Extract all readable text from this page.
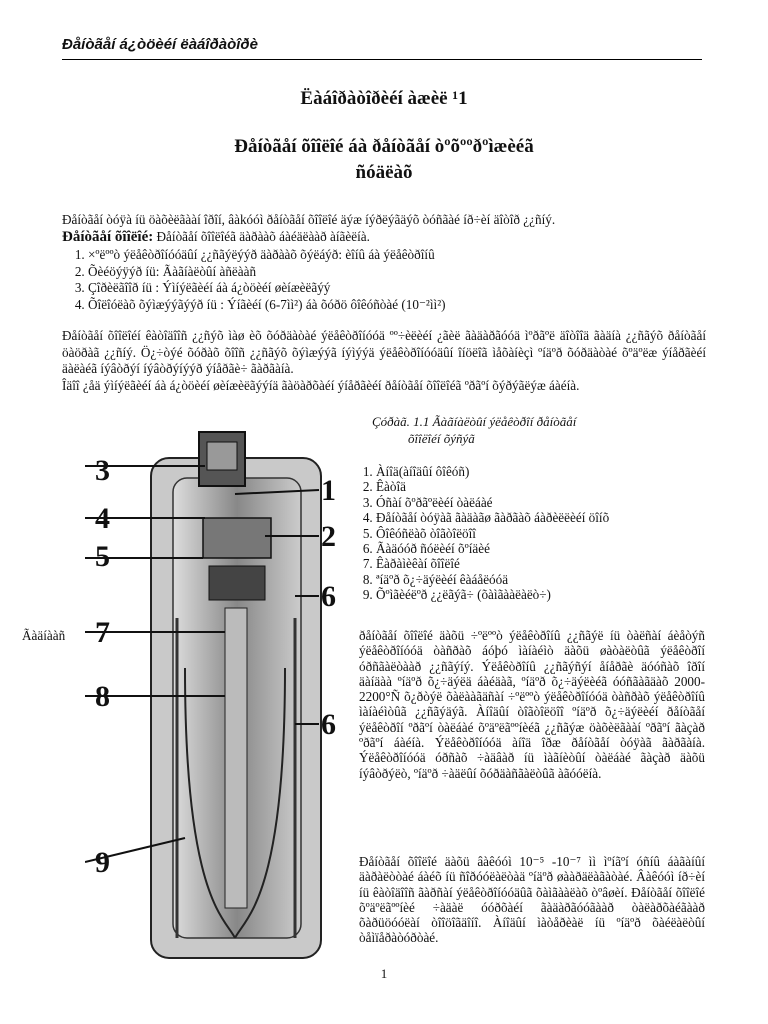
Ðåíòãåí á¿òöèéí ëàáîðàòîðè
Ëàáîðàòîðèéí àæèë ¹1
Ðåíòãåí õîîëîé áà ðåíòãåí òºõººðºìæèéã
ñóäëàõ
Ðåíòãåí òóÿà íü öàõèëãààí îðîí, âàkóóì ðåíòãåí õîîëîé äýæ íýðëýãäýõ òóñãàé íð÷èí äîòîð ¿¿ñíý.
Ðåíòãåí õîîëîé: Ðåíòãåí õîîëîéã äàðààõ áàéäëààð àíãèëíà.
1. ×ºëººò ýëåêòðîíóóäûí ¿¿ñãýëýýð äàðààõ õýëáýð: èîíû áà ýëåêòðîíû
2. Õèéöýÿýð íü: Ãàãíàëòûí àñëààñ
3. Çîðèëãîîð íü : Ýìíýëãèéí áà á¿òöèéí øèíæèëãýý
4. Õîëîóëàõ õýìæýýãýýð íü : Ýíãèéí (6-7ìì²) áà õóðö ôîêóñòàé (10⁻²ìì²)
Ðåíòãåí õîîëîéí êàòîäîîñ ¿¿ñýõ ìàø èõ õóðäàòàé ýëåêòðîíóóä ºº÷èëèéí ¿ãèë ãàäàðãóóä ìºðãºë äîòîîä ãàäíà ¿¿ñãýõ ðåíòãåí öàöðàã ¿¿ñíý. Ö¿÷òýé õóðàõ õîîñ ¿¿ñãýõ õýìæýýã íýìýýä ýëåêòðîíóóäûí îíöëîã ìåõàíèçì ºíäºð õóðäàòàé õºäºëæ ýíåðãèéí äàëàéã íýâòðýí íýâòðýíýýð ýíåðãè÷ ãàðãàíà.
Îäîî ¿åä ýìíýëãèéí áà á¿òöèéí øèíæèëãýýíä ãàöàðõàéí ýíåðãèéí ðåíòãåí õîîëîéã ºðãºí õýðýãëýæ áàéíà.
3
4
5
7
8
9
1
2
6
6
Çóðàã. 1.1 Ãàãíàëòûí ýëåêòðîí ðåíòãåí
õîîëîéí õýñýã
1. Àíîä(àíîäûí ôîêóñ)
2. Êàòîä
3. Óñàí õºðãºëèéí òàëáàé
4. Ðåíòãåí òóÿàã ãàäàãø ãàðãàõ áàðèëëèéí öîíõ
5. Ôîêóñëàõ òîãòîëöîî
6. Ãàäóóð ñóëèéí õºíäèé
7. Êàðàìèêàí õîîëîé
8. ªíäºð õ¿÷äýëèéí êàáåëóóä
9. Õºìãèéëºð ¿¿ëãýã÷ (õàìãààëàëò÷)
Ãàäíààñ	ðåíòãåí õîîëîé äàõü ÷ºëººò ýëåêòðîíû ¿¿ñãýë íü òàëñàí áèåòýñ ýëåêòðîíóóä òàñðàõ áóþó ìàíàéìò äàõü øàòàëòûã ýëåêòðîí óðñãàëòààð ¿¿ñãýíý. Ýëåêòðîíû ¿¿ñãýñýí åíåðãè äóóñàõ îðîí äàíäàà ºíäºð õ¿÷äýëä áàéäàã, ºíäºð õ¿÷äýëèéã óóñãàãäàõ 2000-2200°Ñ õ¿ðòýë õàëààãäñàí ÷ºëººò ýëåêòðîíóóä òàñðàõ ýëåêòðîíû ìàíàéìòûã ¿¿ñãýäýã. Àíîäûí òîãòîëöîî ºíäºð õ¿÷äýëèéí ðåíòãåí ýëåêòðîí ºðãºí òàëáàé õºäºëãººíèéã ¿¿ñãýæ öàõèëãààí ºðãºí ãàçàð ºðãºí áàéíà. Ýëåêòðîíóóä àíîä îðæ ðåíòãåí òóÿàã ãàðãàíà. Ýëåêòðîíóóä óðñàõ ÷àäâàð íü ìàãíèòûí òàëáàé ãàçàð äàõü íýâòðýëò, ºíäºð ÷àäëûí õóðäàñãàëòûã àãóóëíà.
Ðåíòãåí õîîëîé äàõü âàêóóì 10⁻⁵ -10⁻⁷ ìì ìºíãºí óñíû áàãàíûí äàðàëòòàé áàéõ íü ñîðóóëàëòàä ºíäºð øààðäëàãàòàé. Âàêóóì íð÷èí íü êàòîäîîñ ãàðñàí ýëåêòðîíóóäûã õàìãààëàõ òºâøèí. Ðåíòãåí õîîëîé õºäºëãººíèé ÷àäàë óóðõàéí ãàäàðãóóãààð òàëàðõàéãààð õàðüöóóëàí òîîöîãäîíî. Àíîäûí ìàòåðèàë íü ºíäºð õàéëàëòûí òåìïåðàòóðòàé.
1
